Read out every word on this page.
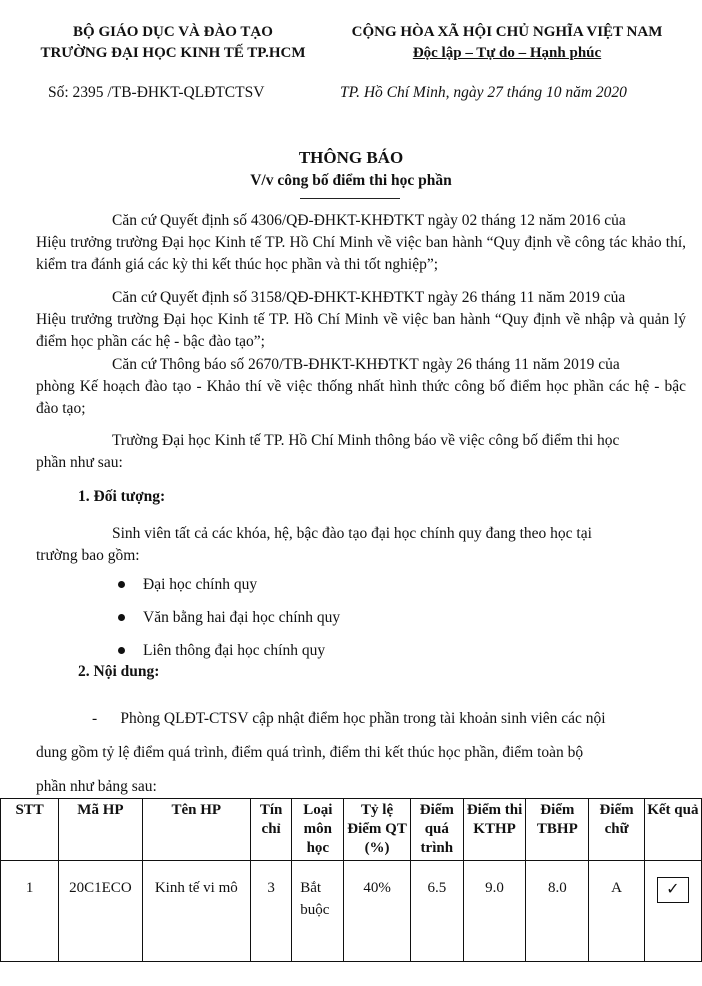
BỘ GIÁO DỤC VÀ ĐÀO TẠO
TRƯỜNG ĐẠI HỌC KINH TẾ TP.HCM
CỘNG HÒA XÃ HỘI CHỦ NGHĨA VIỆT NAM
Độc lập – Tự do – Hạnh phúc
Số: 2395 /TB-ĐHKT-QLĐTCTSV	TP. Hồ Chí Minh, ngày 27 tháng 10 năm 2020
THÔNG BÁO
V/v công bố điểm thi học phần
Căn cứ Quyết định số 4306/QĐ-ĐHKT-KHĐTKT ngày 02 tháng 12 năm 2016 của
Hiệu trưởng trường Đại học Kinh tế TP. Hồ Chí Minh về việc ban hành “Quy định về công tác khảo thí, kiểm tra đánh giá các kỳ thi kết thúc học phần và thi tốt nghiệp”;
Căn cứ Quyết định số 3158/QĐ-ĐHKT-KHĐTKT ngày 26 tháng 11 năm 2019 của
Hiệu trưởng trường Đại học Kinh tế TP. Hồ Chí Minh về việc ban hành “Quy định về nhập và quản lý điểm học phần các hệ - bậc đào tạo”;
Căn cứ Thông báo số 2670/TB-ĐHKT-KHĐTKT ngày 26 tháng 11 năm 2019 của
phòng Kế hoạch đào tạo - Khảo thí về việc thống nhất hình thức công bố điểm học phần các hệ - bậc đào tạo;
Trường Đại học Kinh tế TP. Hồ Chí Minh thông báo về việc công bố điểm thi học
phần như sau:
1. Đối tượng:
Sinh viên tất cả các khóa, hệ, bậc đào tạo đại học chính quy đang theo học tại
trường bao gồm:
Đại học chính quy
Văn bằng hai đại học chính quy
Liên thông đại học chính quy
2. Nội dung:
- Phòng QLĐT-CTSV cập nhật điểm học phần trong tài khoản sinh viên các nội
dung gồm tỷ lệ điểm quá trình, điểm quá trình, điểm thi kết thúc học phần, điểm toàn bộ
phần như bảng sau:
STT	Mã HP	Tên HP	Tín chỉ	Loại môn học	Tỷ lệ Điểm QT (%)	Điểm quá trình	Điểm thi KTHP	Điểm TBHP	Điểm chữ	Kết quả
1	20C1ECO	Kinh tế vi mô	3	Bắt buộc	40%	6.5	9.0	8.0	A	✓
